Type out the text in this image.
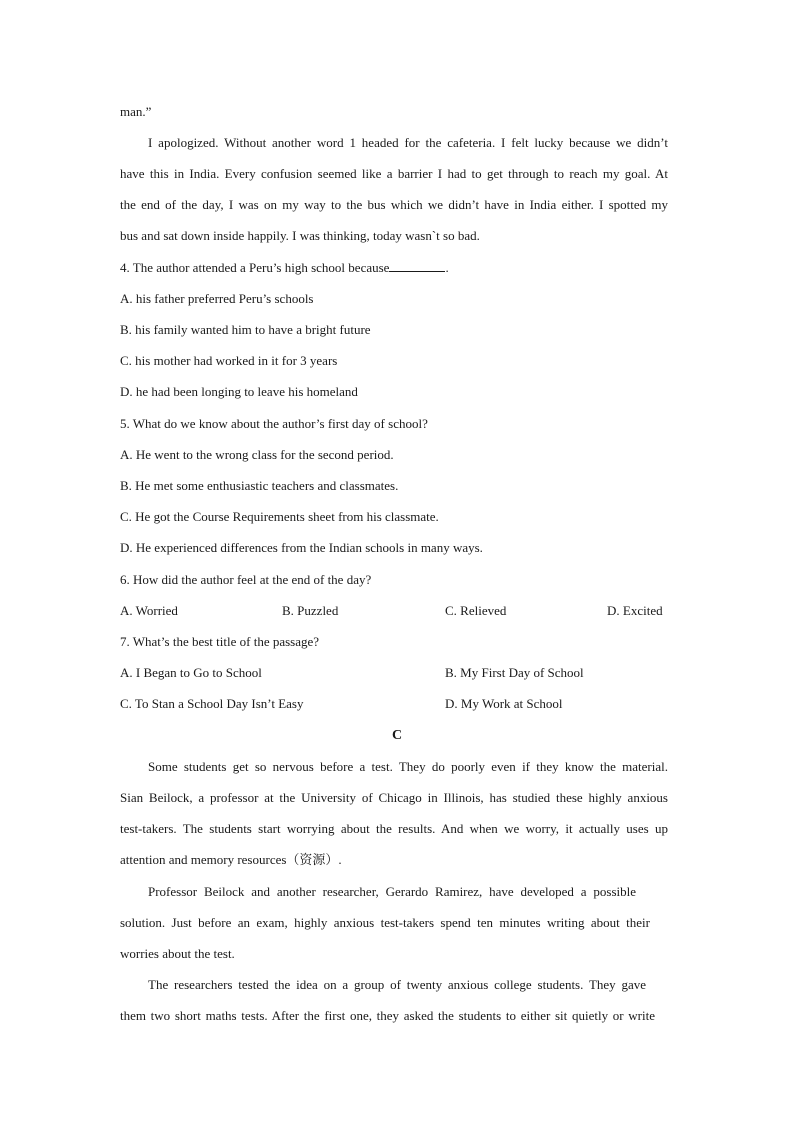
man.”
I apologized. Without another word 1 headed for the cafeteria. I felt lucky because we didn’t
have this in India. Every confusion seemed like a barrier I had to get through to reach my goal. At
the end of the day, I was on my way to the bus which we didn’t have in India either. I spotted my
bus and sat down inside happily. I was thinking, today wasn`t so bad.
4. The author attended a Peru’s high school because	.
A. his father preferred Peru’s schools
B. his family wanted him to have a bright future
C. his mother had worked in it for 3 years
D. he had been longing to leave his homeland
5. What do we know about the author’s first day of school?
A. He went to the wrong class for the second period.
B. He met some enthusiastic teachers and classmates.
C. He got the Course Requirements sheet from his classmate.
D. He experienced differences from the Indian schools in many ways.
6. How did the author feel at the end of the day?
A. Worried	B. Puzzled	C. Relieved	D. Excited
7. What’s the best title of the passage?
A. I Began to Go to School	B. My First Day of School
C. To Stan a School Day Isn’t Easy	D. My Work at School
C
Some students get so nervous before a test. They do poorly even if they know the material.
Sian Beilock, a professor at the University of Chicago in Illinois, has studied these highly anxious
test-takers. The students start worrying about the results. And when we worry, it actually uses up
attention and memory resources（资源）.
Professor Beilock and another researcher, Gerardo Ramirez, have developed a possible
solution. Just before an exam, highly anxious test-takers spend ten minutes writing about their
worries about the test.
The researchers tested the idea on a group of twenty anxious college students. They gave
them two short maths tests. After the first one, they asked the students to either sit quietly or write
